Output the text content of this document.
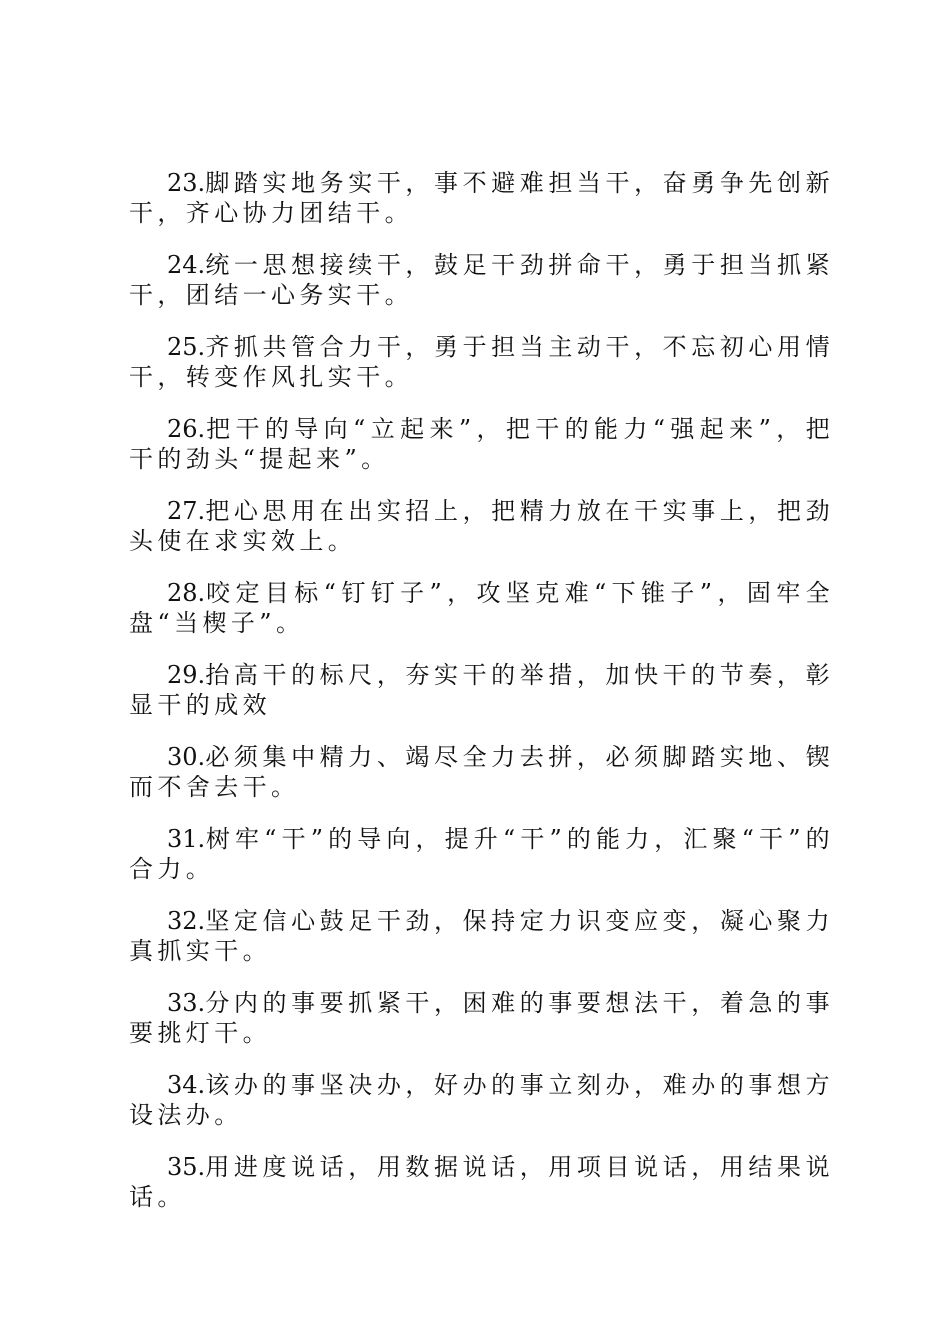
23.脚踏实地务实干，事不避难担当干，奋勇争先创新干，齐心协力团结干。

24.统一思想接续干，鼓足干劲拼命干，勇于担当抓紧干，团结一心务实干。

25.齐抓共管合力干，勇于担当主动干，不忘初心用情干，转变作风扎实干。

26.把干的导向“立起来”，把干的能力“强起来”，把干的劲头“提起来”。

27.把心思用在出实招上，把精力放在干实事上，把劲头使在求实效上。

28.咬定目标“钉钉子”，攻坚克难“下锥子”，固牢全盘“当楔子”。

29.抬高干的标尺，夯实干的举措，加快干的节奏，彰显干的成效

30.必须集中精力、竭尽全力去拼，必须脚踏实地、锲而不舍去干。

31.树牢“干”的导向，提升“干”的能力，汇聚“干”的合力。

32.坚定信心鼓足干劲，保持定力识变应变，凝心聚力真抓实干。

33.分内的事要抓紧干，困难的事要想法干，着急的事要挑灯干。

34.该办的事坚决办，好办的事立刻办，难办的事想方设法办。

35.用进度说话，用数据说话，用项目说话，用结果说话。
